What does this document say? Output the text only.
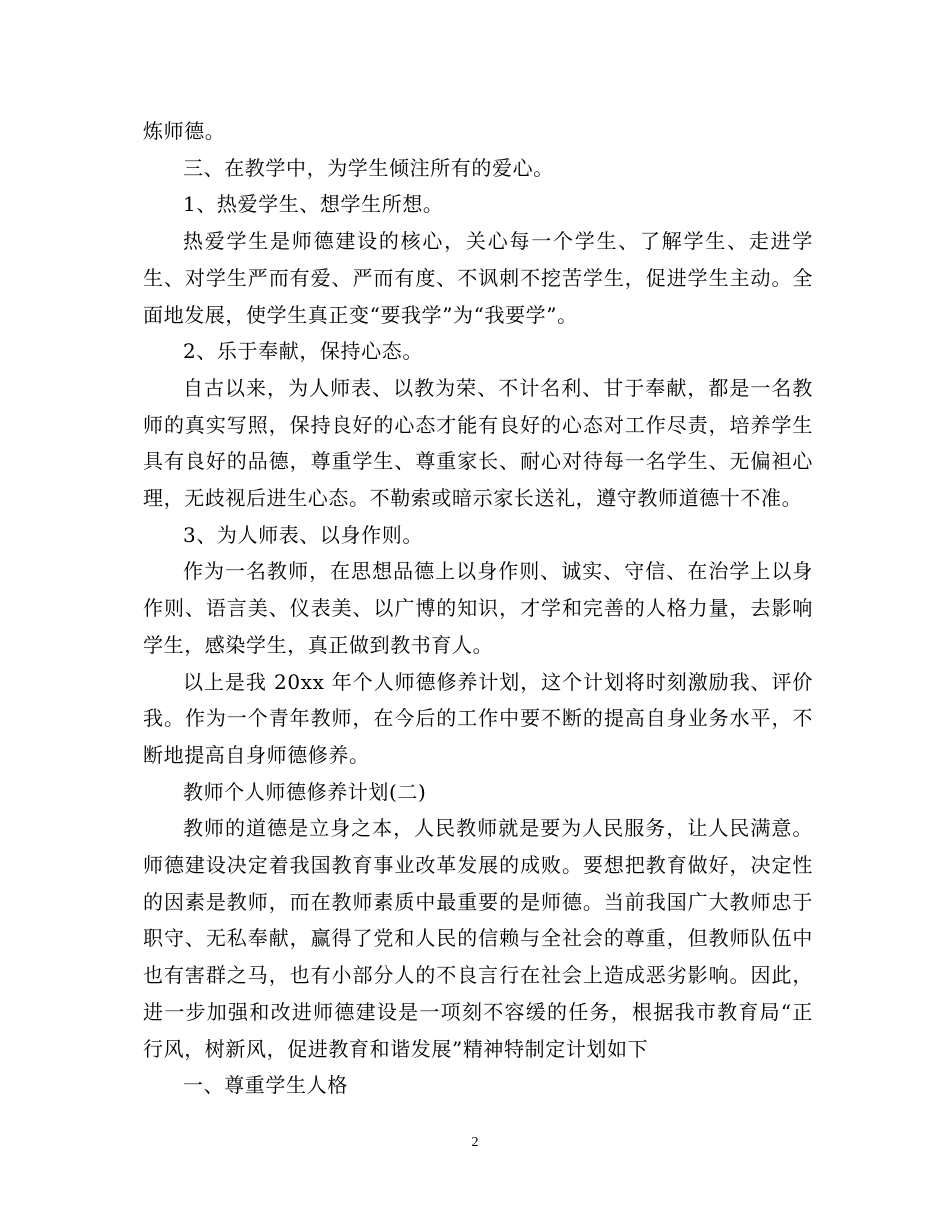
炼师德。

三、在教学中，为学生倾注所有的爱心。

1、热爱学生、想学生所想。

热爱学生是师德建设的核心，关心每一个学生、了解学生、走进学生、对学生严而有爱、严而有度、不讽刺不挖苦学生，促进学生主动。全面地发展，使学生真正变“要我学”为“我要学”。

2、乐于奉献，保持心态。

自古以来，为人师表、以教为荣、不计名利、甘于奉献，都是一名教师的真实写照，保持良好的心态才能有良好的心态对工作尽责，培养学生具有良好的品德，尊重学生、尊重家长、耐心对待每一名学生、无偏袒心理，无歧视后进生心态。不勒索或暗示家长送礼，遵守教师道德十不准。

3、为人师表、以身作则。

作为一名教师，在思想品德上以身作则、诚实、守信、在治学上以身作则、语言美、仪表美、以广博的知识，才学和完善的人格力量，去影响学生，感染学生，真正做到教书育人。

以上是我 20xx 年个人师德修养计划，这个计划将时刻激励我、评价我。作为一个青年教师，在今后的工作中要不断的提高自身业务水平，不断地提高自身师德修养。

教师个人师德修养计划(二)

教师的道德是立身之本，人民教师就是要为人民服务，让人民满意。师德建设决定着我国教育事业改革发展的成败。要想把教育做好，决定性的因素是教师，而在教师素质中最重要的是师德。当前我国广大教师忠于职守、无私奉献，赢得了党和人民的信赖与全社会的尊重，但教师队伍中也有害群之马，也有小部分人的不良言行在社会上造成恶劣影响。因此，进一步加强和改进师德建设是一项刻不容缓的任务，根据我市教育局“正行风，树新风，促进教育和谐发展”精神特制定计划如下

一、尊重学生人格

2
